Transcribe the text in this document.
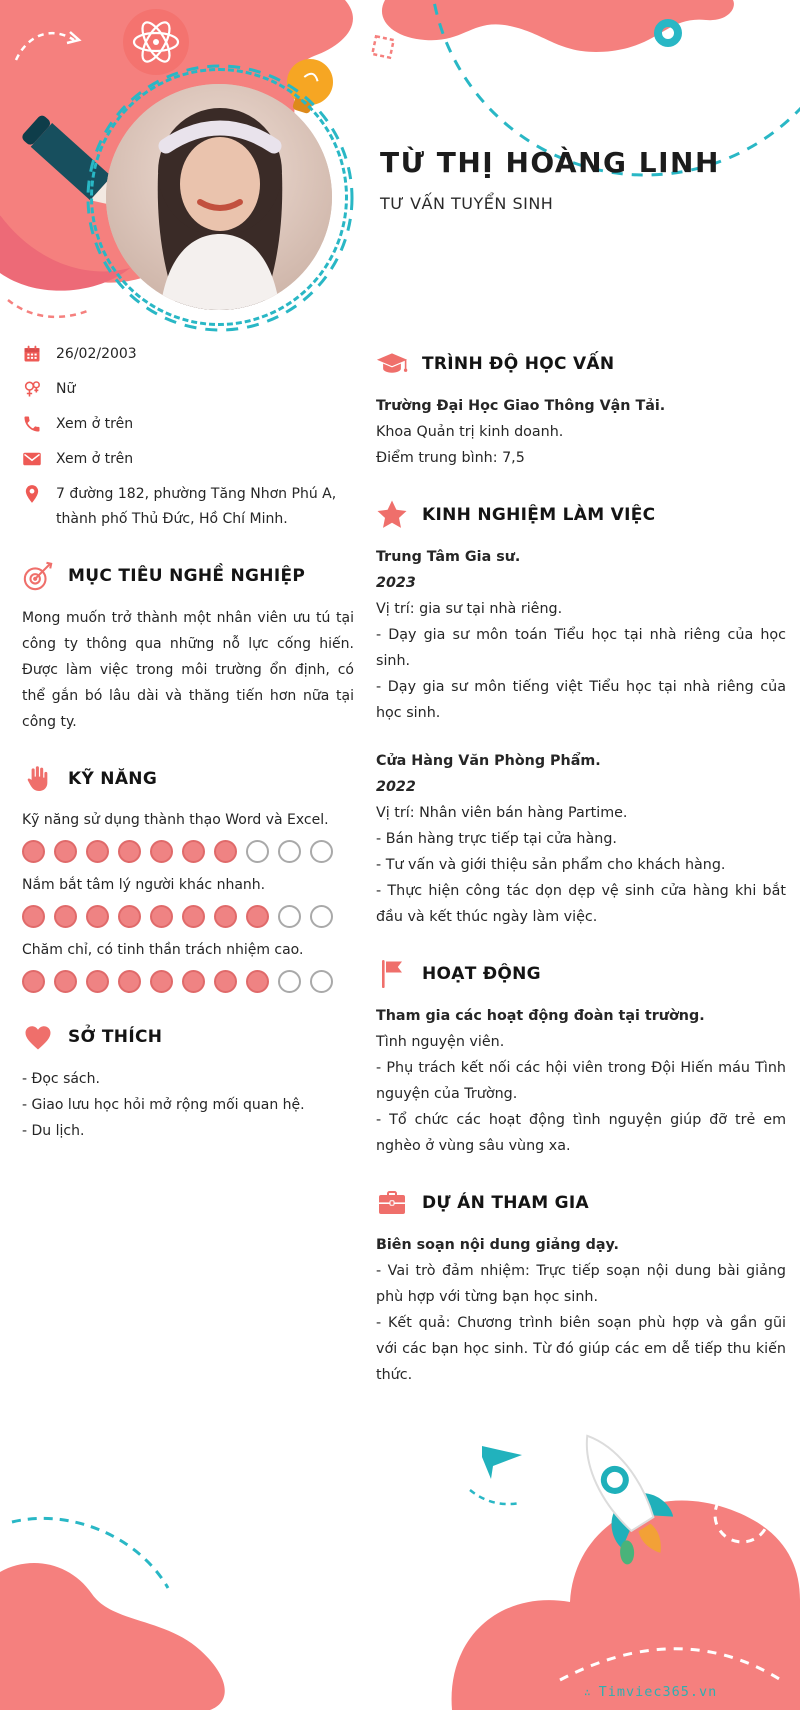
TỪ THỊ HOÀNG LINH
TƯ VẤN TUYỂN SINH
26/02/2003
Nữ
Xem ở trên
Xem ở trên
7 đường 182, phường Tăng Nhơn Phú A, thành phố Thủ Đức, Hồ Chí Minh.
MỤC TIÊU NGHỀ NGHIỆP

Mong muốn trở thành một nhân viên ưu tú tại công ty thông qua những nỗ lực cống hiến. Được làm việc trong môi trường ổn định, có thể gắn bó lâu dài và thăng tiến hơn nữa tại công ty.

KỸ NĂNG
Kỹ năng sử dụng thành thạo Word và Excel.
Nắm bắt tâm lý người khác nhanh.
Chăm chỉ, có tinh thần trách nhiệm cao.
SỞ THÍCH
- Đọc sách.
- Giao lưu học hỏi mở rộng mối quan hệ.
- Du lịch.
TRÌNH ĐỘ HỌC VẤN
Trường Đại Học Giao Thông Vận Tải.
Khoa Quản trị kinh doanh.
Điểm trung bình: 7,5
KINH NGHIỆM LÀM VIỆC
Trung Tâm Gia sư.
2023
Vị trí: gia sư tại nhà riêng.
- Dạy gia sư môn toán Tiểu học tại nhà riêng của học sinh.
- Dạy gia sư môn tiếng việt Tiểu học tại nhà riêng của học sinh.
Cửa Hàng Văn Phòng Phẩm.
2022
Vị trí: Nhân viên bán hàng Partime.
- Bán hàng trực tiếp tại cửa hàng.
- Tư vấn và giới thiệu sản phẩm cho khách hàng.
- Thực hiện công tác dọn dẹp vệ sinh cửa hàng khi bắt đầu và kết thúc ngày làm việc.
HOẠT ĐỘNG
Tham gia các hoạt động đoàn tại trường.
Tình nguyện viên.
- Phụ trách kết nối các hội viên trong Đội Hiến máu Tình nguyện của Trường.
- Tổ chức các hoạt động tình nguyện giúp đỡ trẻ em nghèo ở vùng sâu vùng xa.
DỰ ÁN THAM GIA
Biên soạn nội dung giảng dạy.
- Vai trò đảm nhiệm: Trực tiếp soạn nội dung bài giảng phù hợp với từng bạn học sinh.
- Kết quả: Chương trình biên soạn phù hợp và gần gũi với các bạn học sinh. Từ đó giúp các em dễ tiếp thu kiến thức.
∴ Timviec365.vn
